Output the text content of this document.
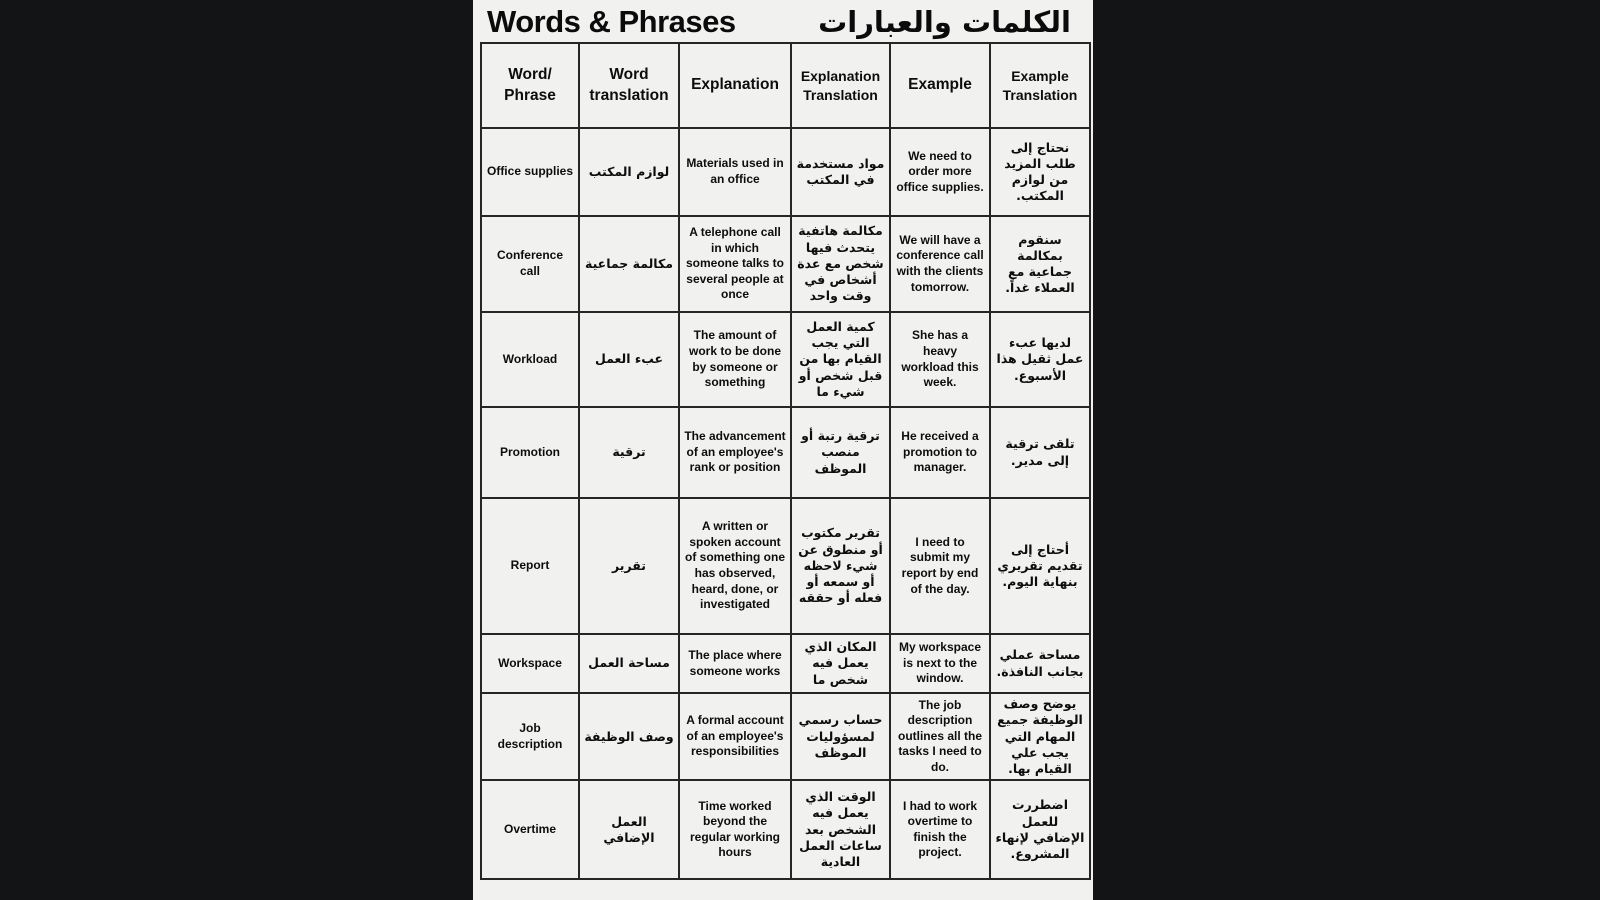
Words & Phrases	الكلمات والعبارات
Word/ Phrase	Word translation	Explanation	Explanation Translation	Example	Example Translation
Office supplies	لوازم المكتب	Materials used in an office	مواد مستخدمة في المكتب	We need to order more office supplies.	نحتاج إلى طلب المزيد من لوازم المكتب.
Conference call	مكالمة جماعية	A telephone call in which someone talks to several people at once	مكالمة هاتفية يتحدث فيها شخص مع عدة أشخاص في وقت واحد	We will have a conference call with the clients tomorrow.	سنقوم بمكالمة جماعية مع العملاء غداً.
Workload	عبء العمل	The amount of work to be done by someone or something	كمية العمل التي يجب القيام بها من قبل شخص أو شيء ما	She has a heavy workload this week.	لديها عبء عمل ثقيل هذا الأسبوع.
Promotion	ترقية	The advancement of an employee's rank or position	ترقية رتبة أو منصب الموظف	He received a promotion to manager.	تلقى ترقية إلى مدير.
Report	تقرير	A written or spoken account of something one has observed, heard, done, or investigated	تقرير مكتوب أو منطوق عن شيء لاحظه أو سمعه أو فعله أو حققه	I need to submit my report by end of the day.	أحتاج إلى تقديم تقريري بنهاية اليوم.
Workspace	مساحة العمل	The place where someone works	المكان الذي يعمل فيه شخص ما	My workspace is next to the window.	مساحة عملي بجانب النافذة.
Job description	وصف الوظيفة	A formal account of an employee's responsibilities	حساب رسمي لمسؤوليات الموظف	The job description outlines all the tasks I need to do.	يوضح وصف الوظيفة جميع المهام التي يجب علي القيام بها.
Overtime	العمل الإضافي	Time worked beyond the regular working hours	الوقت الذي يعمل فيه الشخص بعد ساعات العمل العادية	I had to work overtime to finish the project.	اضطررت للعمل الإضافي لإنهاء المشروع.
